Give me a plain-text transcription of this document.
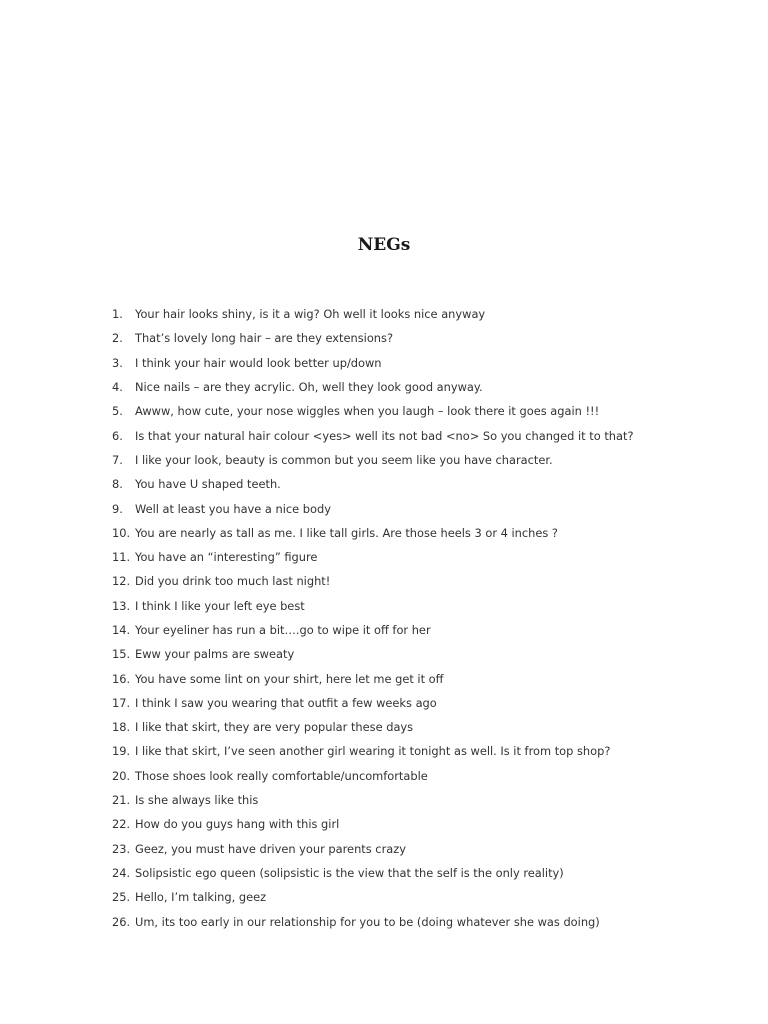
NEGs
1.	Your hair looks shiny, is it a wig? Oh well it looks nice anyway
2.	That’s lovely long hair – are they extensions?
3.	I think your hair would look better up/down
4.	Nice nails – are they acrylic. Oh, well they look good anyway.
5.	Awww, how cute, your nose wiggles when you laugh – look there it goes again !!!
6.	Is that your natural hair colour <yes> well its not bad <no> So you changed it to that?
7.	I like your look, beauty is common but you seem like you have character.
8.	You have U shaped teeth.
9.	Well at least you have a nice body
10. You are nearly as tall as me. I like tall girls. Are those heels 3 or 4 inches ?
11. You have an “interesting” figure
12. Did you drink too much last night!
13. I think I like your left eye best
14. Your eyeliner has run a bit….go to wipe it off for her
15. Eww your palms are sweaty
16. You have some lint on your shirt, here let me get it off
17. I think I saw you wearing that outfit a few weeks ago
18. I like that skirt, they are very popular these days
19. I like that skirt, I’ve seen another girl wearing it tonight as well. Is it from top shop?
20. Those shoes look really comfortable/uncomfortable
21. Is she always like this
22. How do you guys hang with this girl
23. Geez, you must have driven your parents crazy
24. Solipsistic ego queen (solipsistic is the view that the self is the only reality)
25. Hello, I’m talking, geez
26. Um, its too early in our relationship for you to be (doing whatever she was doing)
